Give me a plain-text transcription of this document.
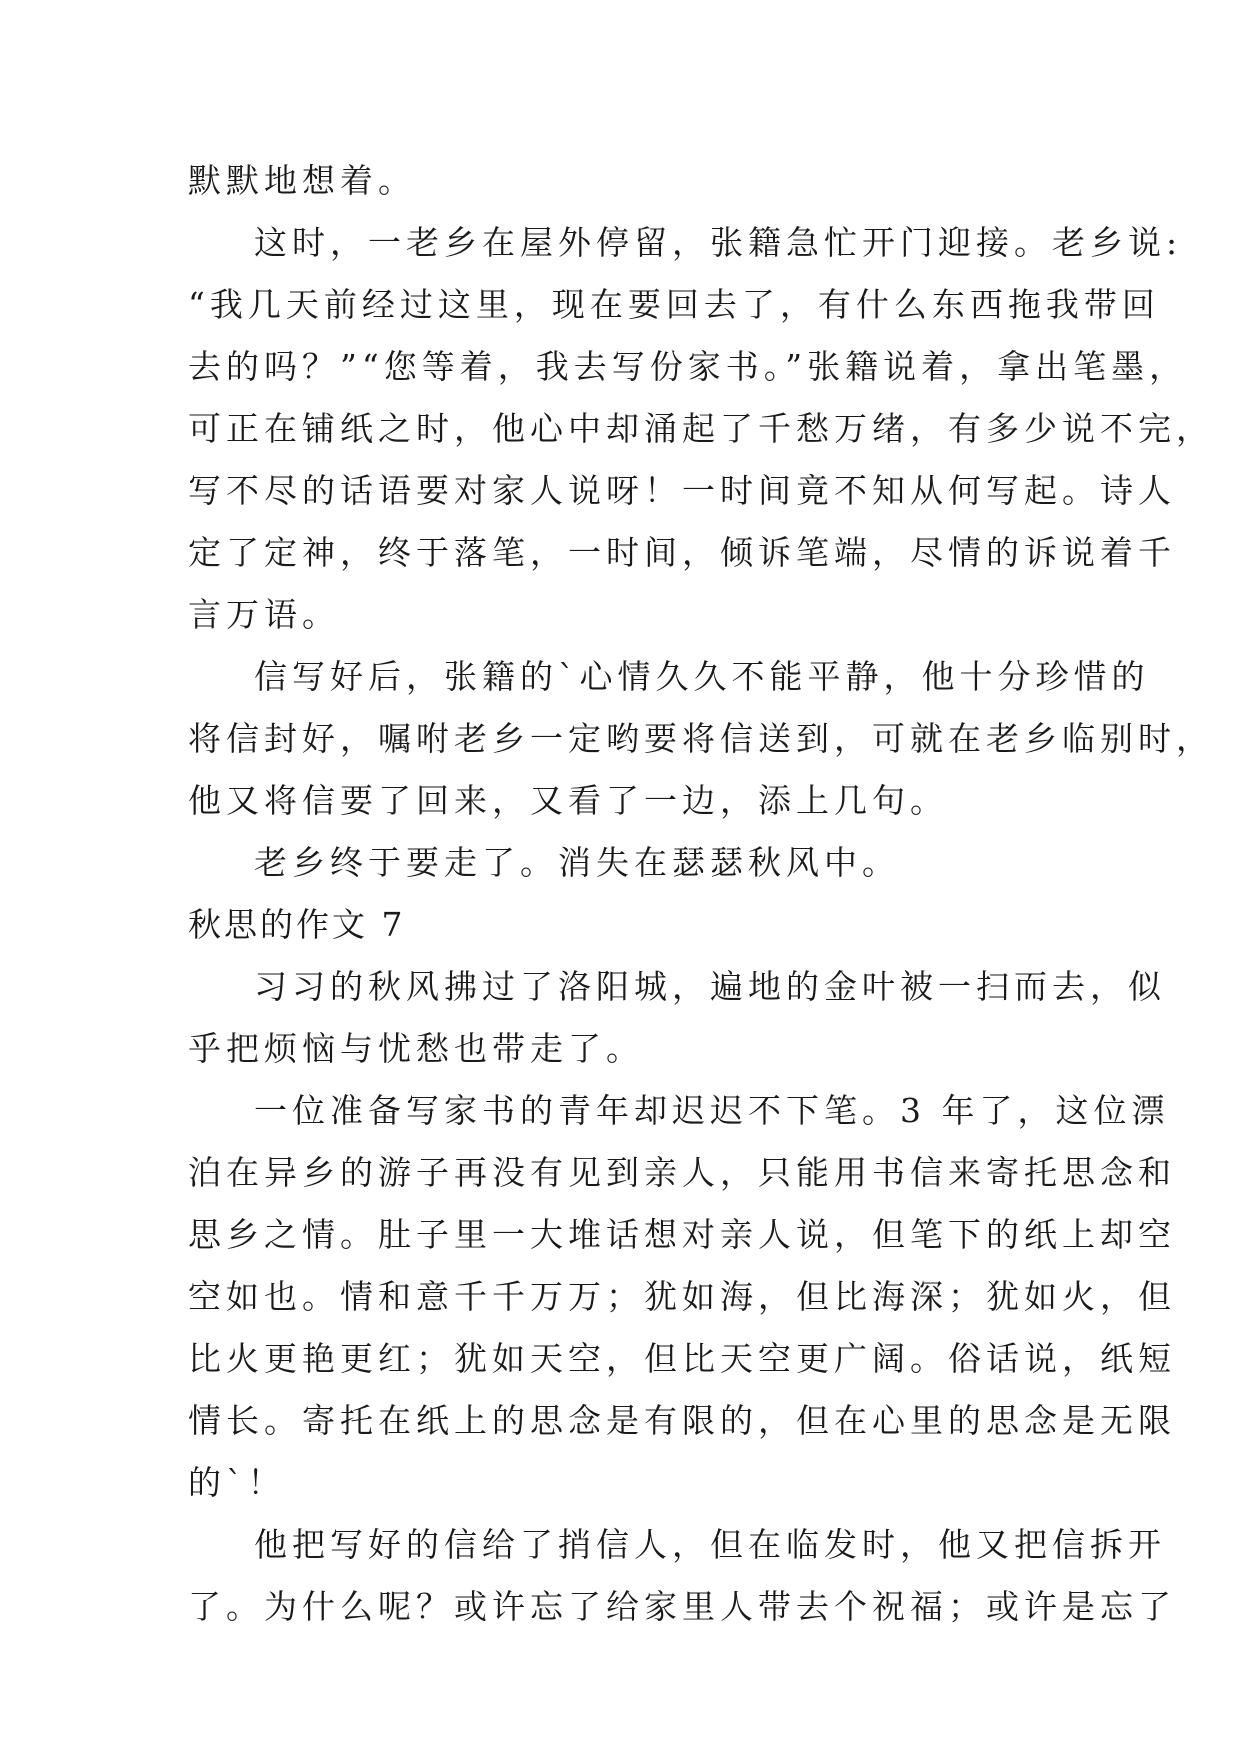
默默地想着。
这时，一老乡在屋外停留，张籍急忙开门迎接。老乡说:
“我几天前经过这里，现在要回去了，有什么东西拖我带回
去的吗？”“您等着，我去写份家书。”张籍说着，拿出笔墨，
可正在铺纸之时，他心中却涌起了千愁万绪，有多少说不完，
写不尽的话语要对家人说呀！一时间竟不知从何写起。诗人
定了定神，终于落笔，一时间，倾诉笔端，尽情的诉说着千
言万语。
信写好后，张籍的`心情久久不能平静，他十分珍惜的
将信封好，嘱咐老乡一定哟要将信送到，可就在老乡临别时，
他又将信要了回来，又看了一边，添上几句。
老乡终于要走了。消失在瑟瑟秋风中。
秋思的作文 7
习习的秋风拂过了洛阳城，遍地的金叶被一扫而去，似
乎把烦恼与忧愁也带走了。
一位准备写家书的青年却迟迟不下笔。3 年了，这位漂
泊在异乡的游子再没有见到亲人，只能用书信来寄托思念和
思乡之情。肚子里一大堆话想对亲人说，但笔下的纸上却空
空如也。情和意千千万万；犹如海，但比海深；犹如火，但
比火更艳更红；犹如天空，但比天空更广阔。俗话说，纸短
情长。寄托在纸上的思念是有限的，但在心里的思念是无限
的`！
他把写好的信给了捎信人，但在临发时，他又把信拆开
了。为什么呢？或许忘了给家里人带去个祝福；或许是忘了
